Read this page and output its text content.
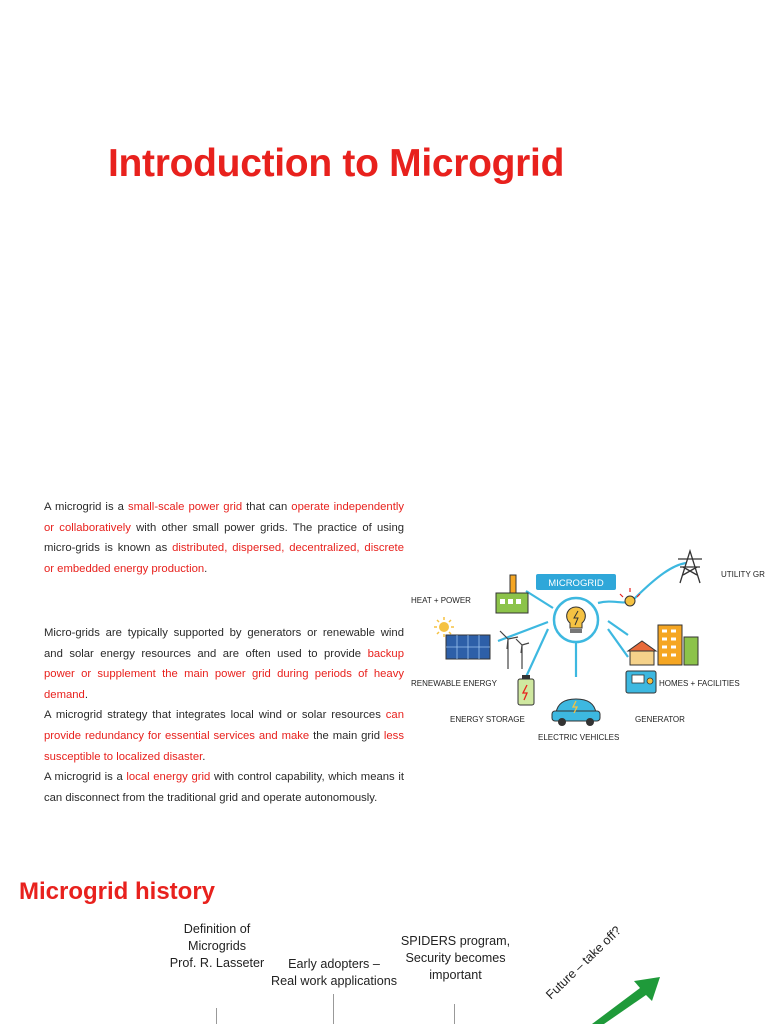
Introduction to Microgrid

A microgrid is a small-scale power grid that can operate independently or collaboratively with other small power grids. The practice of using micro-grids is known as distributed, dispersed, decentralized, discrete or embedded energy production.

Micro-grids are typically supported by generators or renewable wind and solar energy resources and are often used to provide backup power or supplement the main power grid during periods of heavy demand.

A microgrid strategy that integrates local wind or solar resources can provide redundancy for essential services and make the main grid less susceptible to localized disaster.

A microgrid is a local energy grid with control capability, which means it can disconnect from the traditional grid and operate autonomously.

MICROGRID
HEAT + POWER
UTILITY GR
RENEWABLE ENERGY	HOMES + FACILITIES
ENERGY STORAGE	GENERATOR
ELECTRIC VEHICLES
Microgrid history
Definition of
Microgrids
Prof. R. Lasseter	Early adopters –
Real work applications
SPIDERS program,
Security becomes
important	Future – take off?
